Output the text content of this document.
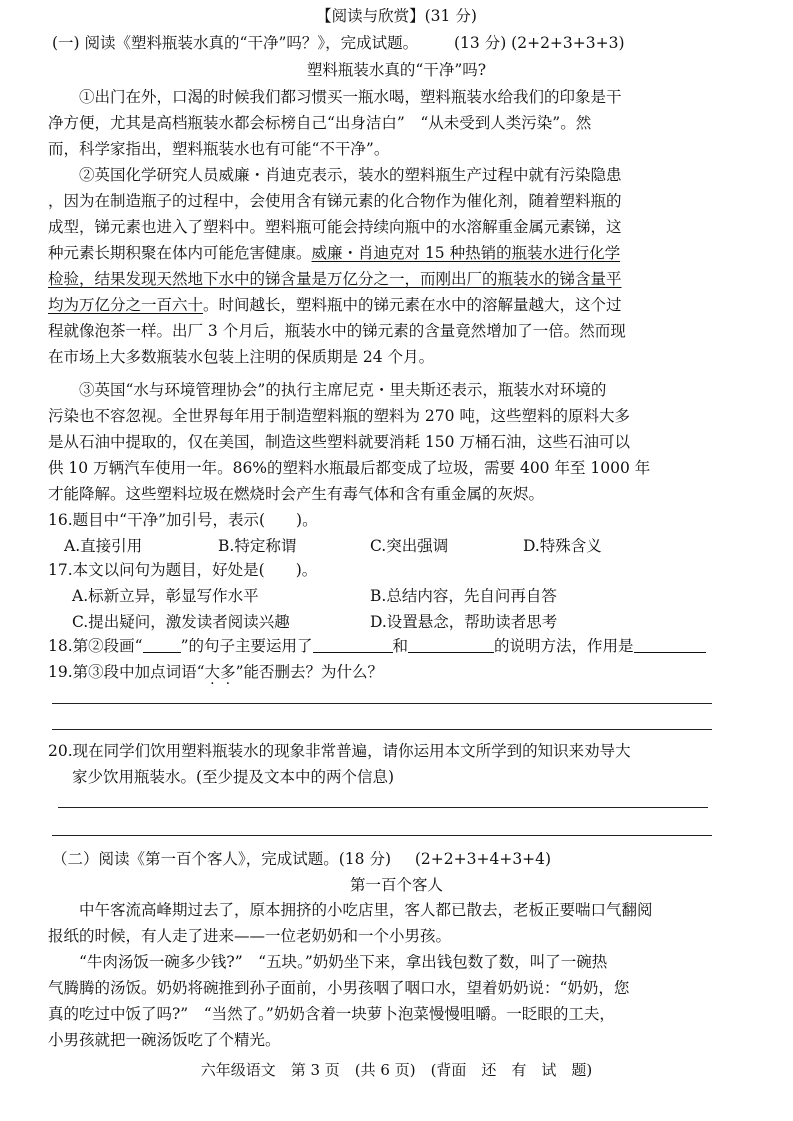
【阅读与欣赏】(31 分)
(一) 阅读《塑料瓶装水真的“干净”吗？》，完成试题。 (13 分) (2+2+3+3+3)
塑料瓶装水真的“干净”吗?
①出门在外，口渴的时候我们都习惯买一瓶水喝，塑料瓶装水给我们的印象是干
净方便，尤其是高档瓶装水都会标榜自己“出身洁白”　“从未受到人类污染”。然
而，科学家指出，塑料瓶装水也有可能“不干净”。
②英国化学研究人员威廉・肖迪克表示，装水的塑料瓶生产过程中就有污染隐患
，因为在制造瓶子的过程中，会使用含有锑元素的化合物作为催化剂，随着塑料瓶的
成型，锑元素也进入了塑料中。塑料瓶可能会持续向瓶中的水溶解重金属元素锑，这
种元素长期积聚在体内可能危害健康。威廉・肖迪克对 15 种热销的瓶装水进行化学
检验，结果发现天然地下水中的锑含量是万亿分之一，而刚出厂的瓶装水的锑含量平
均为万亿分之一百六十。时间越长，塑料瓶中的锑元素在水中的溶解量越大，这个过
程就像泡茶一样。出厂 3 个月后，瓶装水中的锑元素的含量竟然增加了一倍。然而现
在市场上大多数瓶装水包装上注明的保质期是 24 个月。
③英国“水与环境管理协会”的执行主席尼克・里夫斯还表示，瓶装水对环境的
污染也不容忽视。全世界每年用于制造塑料瓶的塑料为 270 吨，这些塑料的原料大多
是从石油中提取的，仅在美国，制造这些塑料就要消耗 150 万桶石油，这些石油可以
供 10 万辆汽车使用一年。86%的塑料水瓶最后都变成了垃圾，需要 400 年至 1000 年
才能降解。这些塑料垃圾在燃烧时会产生有毒气体和含有重金属的灰烬。
16.题目中“干净”加引号，表示(　　)。
A.直接引用	B.特定称谓	C.突出强调	D.特殊含义
17.本文以问句为题目，好处是(　　)。
A.标新立异，彰显写作水平	B.总结内容，先自问再自答
C.提出疑问，激发读者阅读兴趣	D.设置悬念，帮助读者思考
18.第②段画“ ”的句子主要运用了	和	的说明方法，作用是
19.第③段中加点词语“大多”能否删去？为什么？
20.现在同学们饮用塑料瓶装水的现象非常普遍，请你运用本文所学到的知识来劝导大
家少饮用瓶装水。(至少提及文本中的两个信息)
（二）阅读《第一百个客人》，完成试题。(18 分) (2+2+3+4+3+4)
第一百个客人
中午客流高峰期过去了，原本拥挤的小吃店里，客人都已散去，老板正要喘口气翻阅
报纸的时候，有人走了进来——一位老奶奶和一个小男孩。
“牛肉汤饭一碗多少钱?”　“五块。”奶奶坐下来，拿出钱包数了数，叫了一碗热
气腾腾的汤饭。奶奶将碗推到孙子面前，小男孩咽了咽口水，望着奶奶说：“奶奶，您
真的吃过中饭了吗?”　“当然了。”奶奶含着一块萝卜泡菜慢慢咀嚼。一眨眼的工夫，
小男孩就把一碗汤饭吃了个精光。
六年级语文　第 3 页　(共 6 页)　(背面　还　有　试　题)
